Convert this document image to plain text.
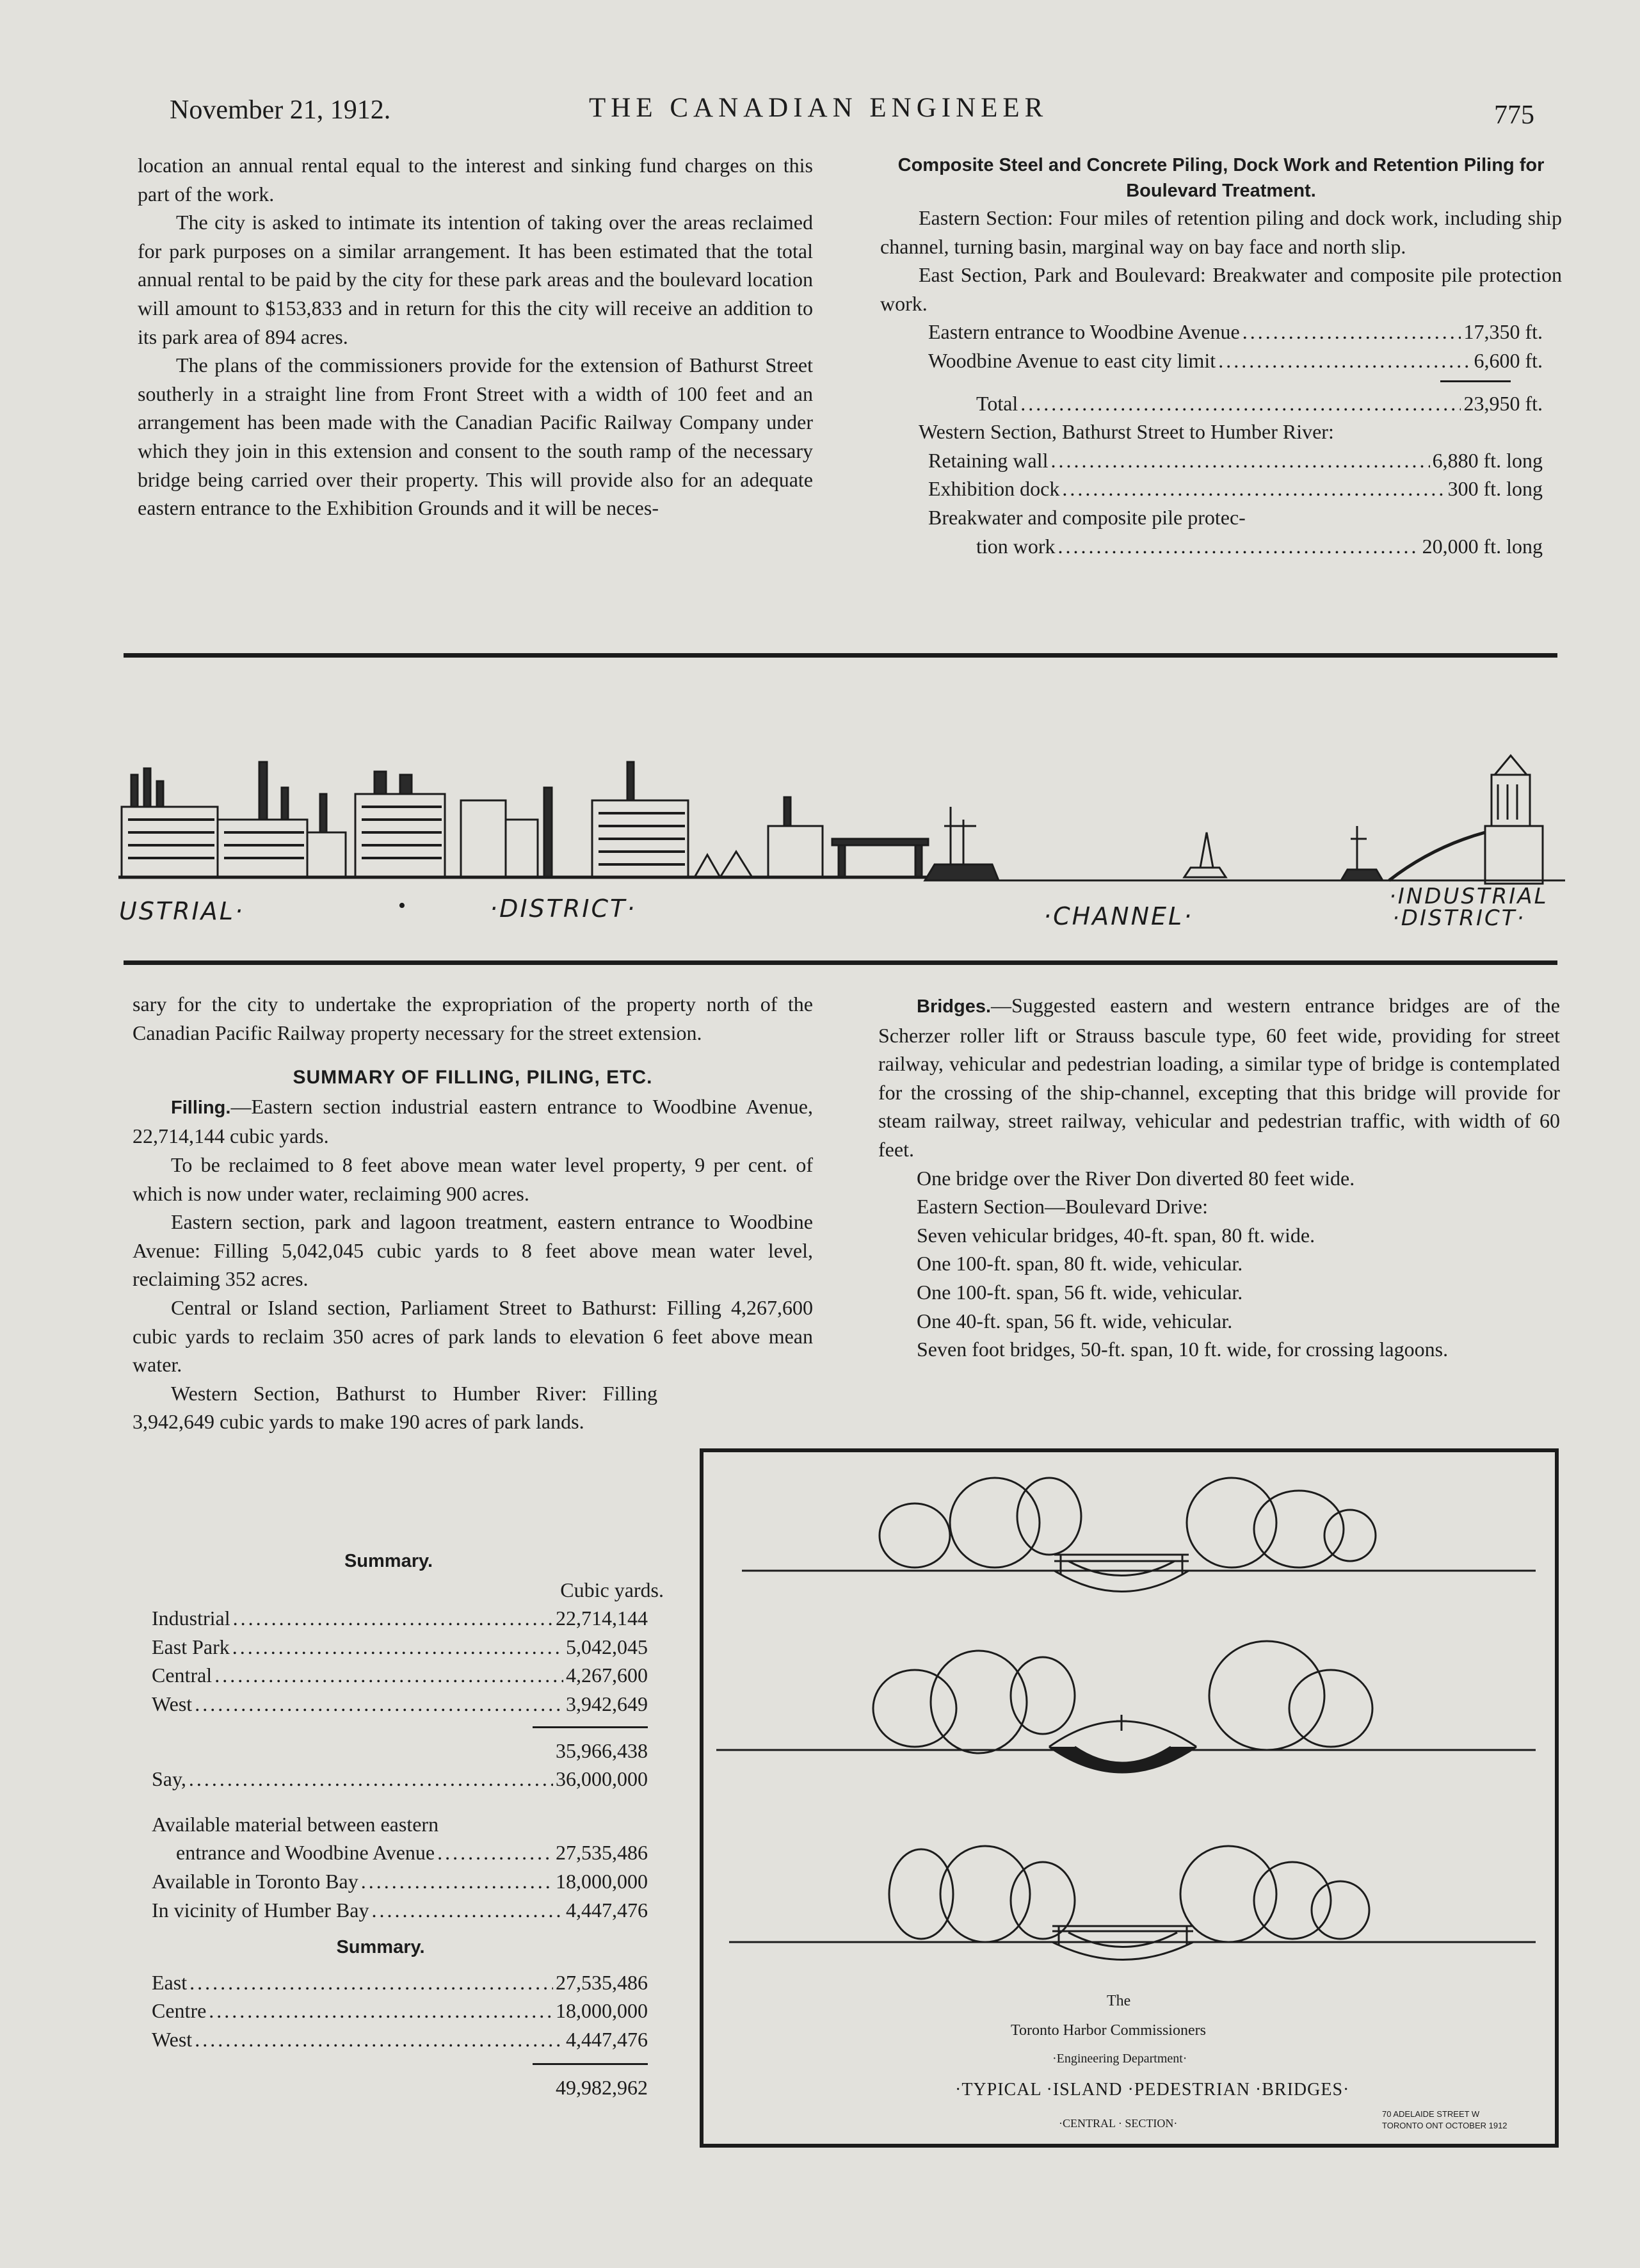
November 21, 1912.	THE CANADIAN ENGINEER	775

location an annual rental equal to the interest and sinking fund charges on this part of the work.

The city is asked to intimate its intention of taking over the areas reclaimed for park purposes on a similar arrangement. It has been estimated that the total annual rental to be paid by the city for these park areas and the boulevard location will amount to $153,833 and in return for this the city will receive an addition to its park area of 894 acres.

The plans of the commissioners provide for the extension of Bathurst Street southerly in a straight line from Front Street with a width of 100 feet and an arrangement has been made with the Canadian Pacific Railway Company under which they join in this extension and consent to the south ramp of the necessary bridge being carried over their property. This will provide also for an adequate eastern entrance to the Exhibition Grounds and it will be neces-

Composite Steel and Concrete Piling, Dock Work and Retention Piling for Boulevard Treatment.

Eastern Section: Four miles of retention piling and dock work, including ship channel, turning basin, marginal way on bay face and north slip.

East Section, Park and Boulevard: Breakwater and composite pile protection work.

Eastern entrance to Woodbine Avenue . . .	17,350 ft.
Woodbine Avenue to east city limit . . .	6,600 ft.
Total . . .	23,950 ft.

Western Section, Bathurst Street to Humber River:

Retaining wall . . .	6,880 ft. long
Exhibition dock . . .	300 ft. long
Breakwater and composite pile protec-
tion work . . .	20,000 ft. long
USTRIAL·	•	·DISTRICT·	·CHANNEL·
·INDUSTRIAL
·DISTRICT·

sary for the city to undertake the expropriation of the property north of the Canadian Pacific Railway property necessary for the street extension.

SUMMARY OF FILLING, PILING, ETC.

Filling.—Eastern section industrial eastern entrance to Woodbine Avenue, 22,714,144 cubic yards.

To be reclaimed to 8 feet above mean water level property, 9 per cent. of which is now under water, reclaiming 900 acres.

Eastern section, park and lagoon treatment, eastern entrance to Woodbine Avenue: Filling 5,042,045 cubic yards to 8 feet above mean water level, reclaiming 352 acres.

Central or Island section, Parliament Street to Bathurst: Filling 4,267,600 cubic yards to reclaim 350 acres of park lands to elevation 6 feet above mean water.

Western Section, Bathurst to Humber River: Filling 3,942,649 cubic yards to make 190 acres of park lands.

Summary.
Cubic yards.
Industrial . . .	22,714,144
East Park . . .	5,042,045
Central . . .	4,267,600
West . . .	3,942,649
35,966,438
Say, . . .	36,000,000
Available material between eastern
entrance and Woodbine Avenue . . .	27,535,486
Available in Toronto Bay . . .	18,000,000
In vicinity of Humber Bay . . .	4,447,476
Summary.
East . . .	27,535,486
Centre . . .	18,000,000
West . . .	4,447,476
49,982,962

Bridges.—Suggested eastern and western entrance bridges are of the Scherzer roller lift or Strauss bascule type, 60 feet wide, providing for street railway, vehicular and pedestrian loading, a similar type of bridge is contemplated for the crossing of the ship-channel, excepting that this bridge will provide for steam railway, street railway, vehicular and pedestrian traffic, with width of 60 feet.

One bridge over the River Don diverted 80 feet wide.

Eastern Section—Boulevard Drive:

Seven vehicular bridges, 40-ft. span, 80 ft. wide.

One 100-ft. span, 80 ft. wide, vehicular.

One 100-ft. span, 56 ft. wide, vehicular.

One 40-ft. span, 56 ft. wide, vehicular.

Seven foot bridges, 50-ft. span, 10 ft. wide, for crossing lagoons.

The
Toronto Harbor Commissioners
·Engineering Department·
·TYPICAL ·ISLAND ·PEDESTRIAN ·BRIDGES·
·CENTRAL · SECTION·
70 ADELAIDE STREET W
TORONTO ONT OCTOBER 1912
